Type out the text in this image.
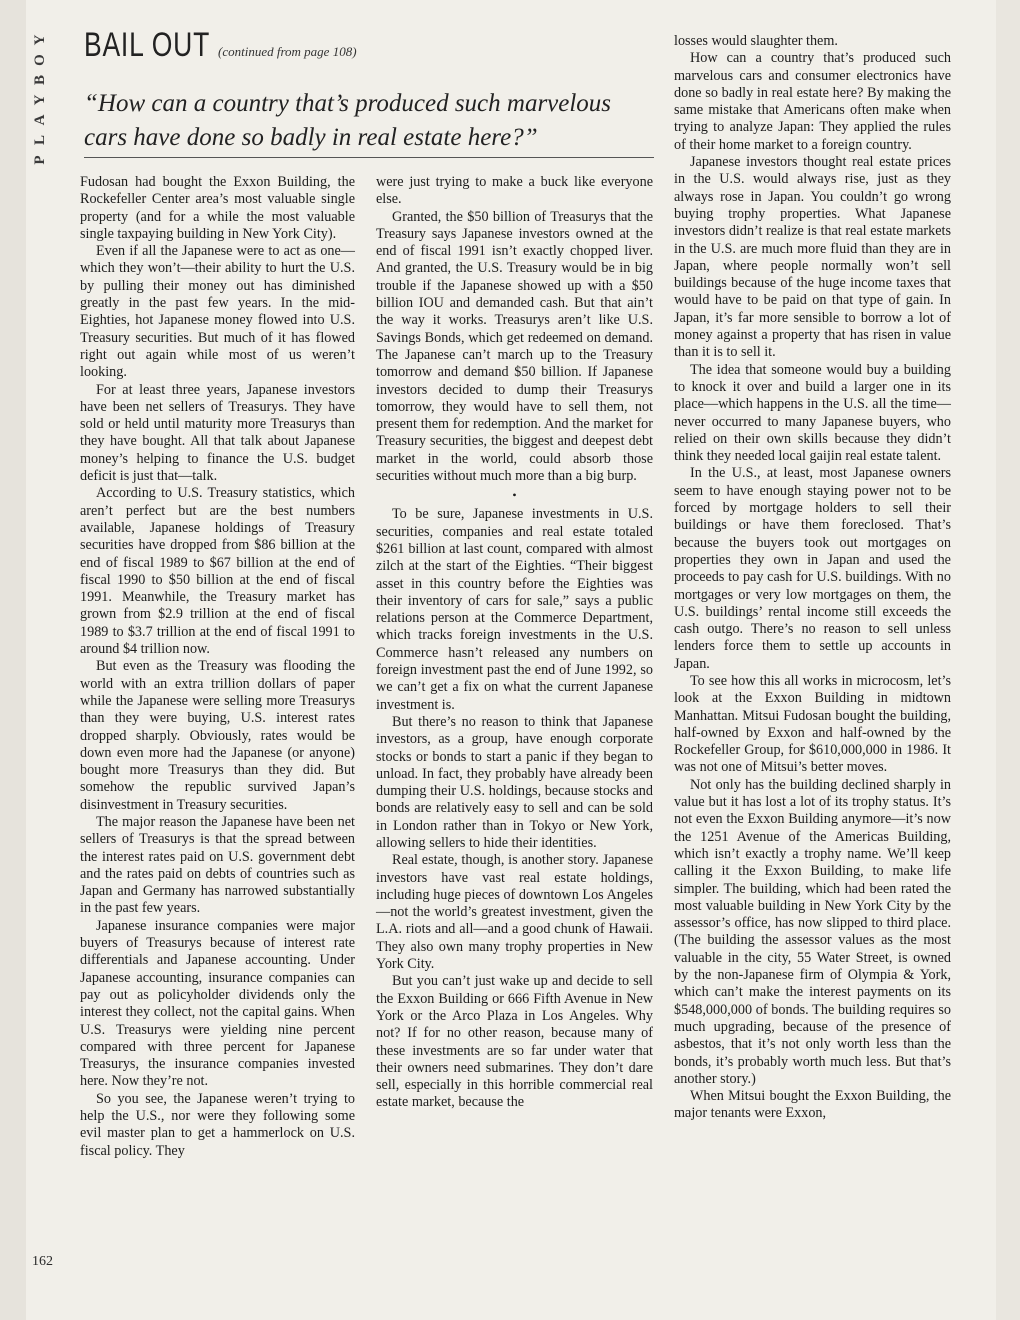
Y
O
B
Y
A
L
P
162
BAIL OUT (continued from page 108)
“How can a country that’s produced such marvelous cars have done so badly in real estate here?”

Fudosan had bought the Exxon Building, the Rockefeller Center area’s most valuable single property (and for a while the most valuable single taxpaying building in New York City).

Even if all the Japanese were to act as one—which they won’t—their ability to hurt the U.S. by pulling their money out has diminished greatly in the past few years. In the mid-Eighties, hot Japanese money flowed into U.S. Treasury securities. But much of it has flowed right out again while most of us weren’t looking.

For at least three years, Japanese investors have been net sellers of Treasurys. They have sold or held until maturity more Treasurys than they have bought. All that talk about Japanese money’s helping to finance the U.S. budget deficit is just that—talk.

According to U.S. Treasury statistics, which aren’t perfect but are the best numbers available, Japanese holdings of Treasury securities have dropped from $86 billion at the end of fiscal 1989 to $67 billion at the end of fiscal 1990 to $50 billion at the end of fiscal 1991. Meanwhile, the Treasury market has grown from $2.9 trillion at the end of fiscal 1989 to $3.7 trillion at the end of fiscal 1991 to around $4 trillion now.

But even as the Treasury was flooding the world with an extra trillion dollars of paper while the Japanese were selling more Treasurys than they were buying, U.S. interest rates dropped sharply. Obviously, rates would be down even more had the Japanese (or anyone) bought more Treasurys than they did. But somehow the republic survived Japan’s disinvestment in Treasury securities.

The major reason the Japanese have been net sellers of Treasurys is that the spread between the interest rates paid on U.S. government debt and the rates paid on debts of countries such as Japan and Germany has narrowed substantially in the past few years.

Japanese insurance companies were major buyers of Treasurys because of interest rate differentials and Japanese accounting. Under Japanese accounting, insurance companies can pay out as policyholder dividends only the interest they collect, not the capital gains. When U.S. Treasurys were yielding nine percent compared with three percent for Japanese Treasurys, the insurance companies invested here. Now they’re not.

So you see, the Japanese weren’t trying to help the U.S., nor were they following some evil master plan to get a hammerlock on U.S. fiscal policy. They

were just trying to make a buck like everyone else.

Granted, the $50 billion of Treasurys that the Treasury says Japanese investors owned at the end of fiscal 1991 isn’t exactly chopped liver. And granted, the U.S. Treasury would be in big trouble if the Japanese showed up with a $50 billion IOU and demanded cash. But that ain’t the way it works. Treasurys aren’t like U.S. Savings Bonds, which get redeemed on demand. The Japanese can’t march up to the Treasury tomorrow and demand $50 billion. If Japanese investors decided to dump their Treasurys tomorrow, they would have to sell them, not present them for redemption. And the market for Treasury securities, the biggest and deepest debt market in the world, could absorb those securities without much more than a big burp.

•

To be sure, Japanese investments in U.S. securities, companies and real estate totaled $261 billion at last count, compared with almost zilch at the start of the Eighties. “Their biggest asset in this country before the Eighties was their inventory of cars for sale,” says a public relations person at the Commerce Department, which tracks foreign investments in the U.S. Commerce hasn’t released any numbers on foreign investment past the end of June 1992, so we can’t get a fix on what the current Japanese investment is.

But there’s no reason to think that Japanese investors, as a group, have enough corporate stocks or bonds to start a panic if they began to unload. In fact, they probably have already been dumping their U.S. holdings, because stocks and bonds are relatively easy to sell and can be sold in London rather than in Tokyo or New York, allowing sellers to hide their identities.

Real estate, though, is another story. Japanese investors have vast real estate holdings, including huge pieces of downtown Los Angeles—not the world’s greatest investment, given the L.A. riots and all—and a good chunk of Hawaii. They also own many trophy properties in New York City.

But you can’t just wake up and decide to sell the Exxon Building or 666 Fifth Avenue in New York or the Arco Plaza in Los Angeles. Why not? If for no other reason, because many of these investments are so far under water that their owners need submarines. They don’t dare sell, especially in this horrible commercial real estate market, because the

losses would slaughter them.

How can a country that’s produced such marvelous cars and consumer electronics have done so badly in real estate here? By making the same mistake that Americans often make when trying to analyze Japan: They applied the rules of their home market to a foreign country.

Japanese investors thought real estate prices in the U.S. would always rise, just as they always rose in Japan. You couldn’t go wrong buying trophy properties. What Japanese investors didn’t realize is that real estate markets in the U.S. are much more fluid than they are in Japan, where people normally won’t sell buildings because of the huge income taxes that would have to be paid on that type of gain. In Japan, it’s far more sensible to borrow a lot of money against a property that has risen in value than it is to sell it.

The idea that someone would buy a building to knock it over and build a larger one in its place—which happens in the U.S. all the time—never occurred to many Japanese buyers, who relied on their own skills because they didn’t think they needed local gaijin real estate talent.

In the U.S., at least, most Japanese owners seem to have enough staying power not to be forced by mortgage holders to sell their buildings or have them foreclosed. That’s because the buyers took out mortgages on properties they own in Japan and used the proceeds to pay cash for U.S. buildings. With no mortgages or very low mortgages on them, the U.S. buildings’ rental income still exceeds the cash outgo. There’s no reason to sell unless lenders force them to settle up accounts in Japan.

To see how this all works in microcosm, let’s look at the Exxon Building in midtown Manhattan. Mitsui Fudosan bought the building, half-owned by Exxon and half-owned by the Rockefeller Group, for $610,000,000 in 1986. It was not one of Mitsui’s better moves.

Not only has the building declined sharply in value but it has lost a lot of its trophy status. It’s not even the Exxon Building anymore—it’s now the 1251 Avenue of the Americas Building, which isn’t exactly a trophy name. We’ll keep calling it the Exxon Building, to make life simpler. The building, which had been rated the most valuable building in New York City by the assessor’s office, has now slipped to third place. (The building the assessor values as the most valuable in the city, 55 Water Street, is owned by the non-Japanese firm of Olympia & York, which can’t make the interest payments on its $548,000,000 of bonds. The building requires so much upgrading, because of the presence of asbestos, that it’s not only worth less than the bonds, it’s probably worth much less. But that’s another story.)

When Mitsui bought the Exxon Building, the major tenants were Exxon,
